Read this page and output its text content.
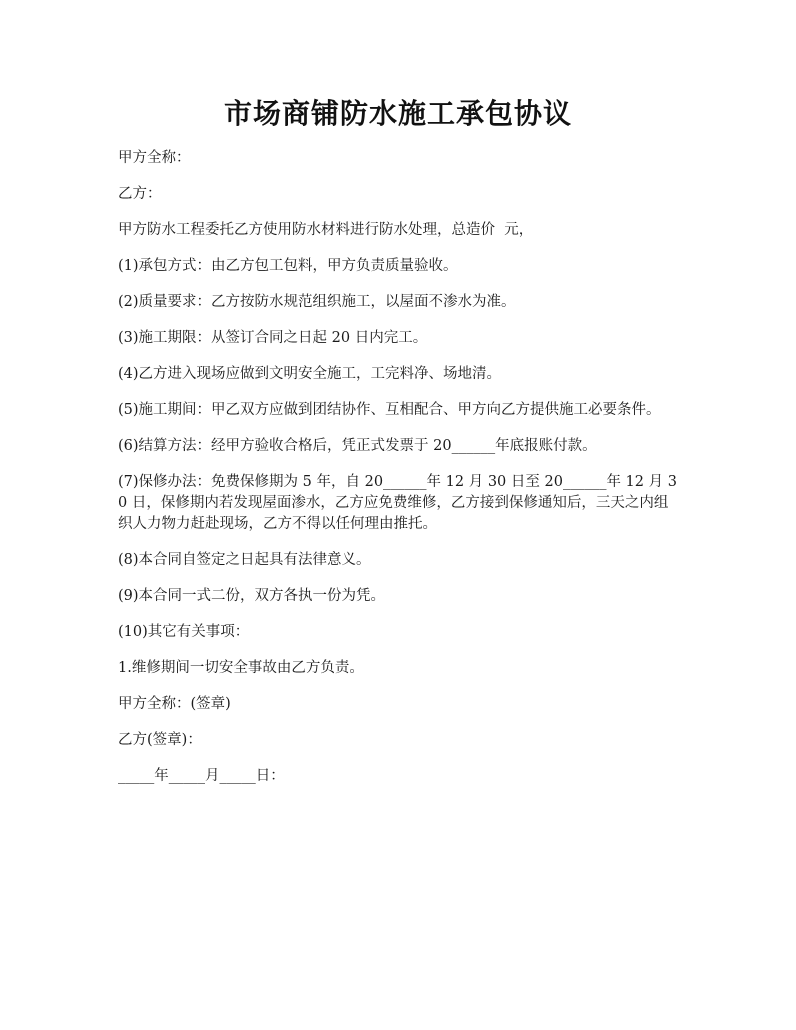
市场商铺防水施工承包协议

甲方全称：

乙方：

甲方防水工程委托乙方使用防水材料进行防水处理，总造价  元，

(1)承包方式：由乙方包工包料，甲方负责质量验收。

(2)质量要求：乙方按防水规范组织施工，以屋面不渗水为准。

(3)施工期限：从签订合同之日起 20 日内完工。

(4)乙方进入现场应做到文明安全施工，工完料净、场地清。

(5)施工期间：甲乙双方应做到团结协作、互相配合、甲方向乙方提供施工必要条件。

(6)结算方法：经甲方验收合格后，凭正式发票于 20______年底报账付款。

(7)保修办法：免费保修期为 5 年，自 20______年 12 月 30 日至 20______年 12 月 30 日，保修期内若发现屋面渗水，乙方应免费维修，乙方接到保修通知后，三天之内组织人力物力赶赴现场，乙方不得以任何理由推托。

(8)本合同自签定之日起具有法律意义。

(9)本合同一式二份，双方各执一份为凭。

(10)其它有关事项：

1.维修期间一切安全事故由乙方负责。

甲方全称：(签章)

乙方(签章)：

_____年_____月_____日：
